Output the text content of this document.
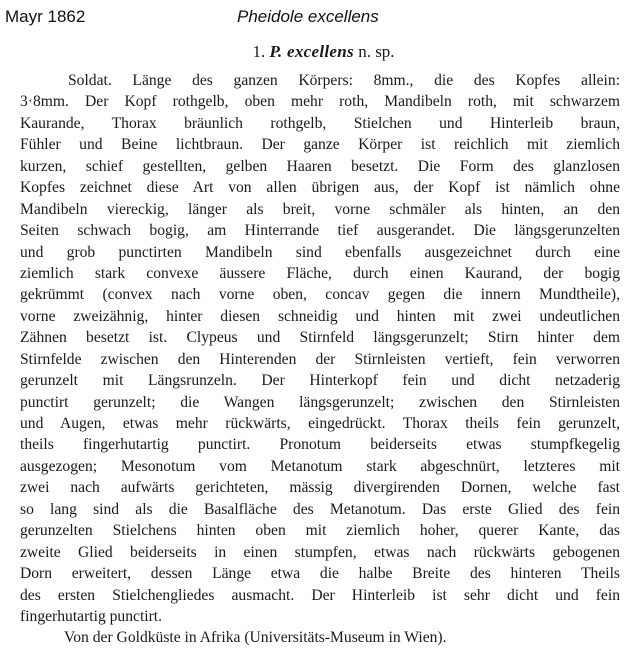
Mayr 1862	Pheidole excellens
1. P. excellens n. sp.
Soldat. Länge des ganzen Körpers: 8mm., die des Kopfes allein:
3·8mm. Der Kopf rothgelb, oben mehr roth, Mandibeln roth, mit schwarzem
Kaurande, Thorax bräunlich rothgelb, Stielchen und Hinterleib braun,
Fühler und Beine lichtbraun. Der ganze Körper ist reichlich mit ziemlich
kurzen, schief gestellten, gelben Haaren besetzt. Die Form des glanzlosen
Kopfes zeichnet diese Art von allen übrigen aus, der Kopf ist nämlich ohne
Mandibeln viereckig, länger als breit, vorne schmäler als hinten, an den
Seiten schwach bogig, am Hinterrande tief ausgerandet. Die längsgerunzelten
und grob punctirten Mandibeln sind ebenfalls ausgezeichnet durch eine
ziemlich stark convexe äussere Fläche, durch einen Kaurand, der bogig
gekrümmt (convex nach vorne oben, concav gegen die innern Mundtheile),
vorne zweizähnig, hinter diesen schneidig und hinten mit zwei undeutlichen
Zähnen besetzt ist. Clypeus und Stirnfeld längsgerunzelt; Stirn hinter dem
Stirnfelde zwischen den Hinterenden der Stirnleisten vertieft, fein verworren
gerunzelt mit Längsrunzeln. Der Hinterkopf fein und dicht netzaderig
punctirt gerunzelt; die Wangen längsgerunzelt; zwischen den Stirnleisten
und Augen, etwas mehr rückwärts, eingedrückt. Thorax theils fein gerunzelt,
theils fingerhutartig punctirt. Pronotum beiderseits etwas stumpfkegelig
ausgezogen; Mesonotum vom Metanotum stark abgeschnürt, letzteres mit
zwei nach aufwärts gerichteten, mässig divergirenden Dornen, welche fast
so lang sind als die Basalfläche des Metanotum. Das erste Glied des fein
gerunzelten Stielchens hinten oben mit ziemlich hoher, querer Kante, das
zweite Glied beiderseits in einen stumpfen, etwas nach rückwärts gebogenen
Dorn erweitert, dessen Länge etwa die halbe Breite des hinteren Theils
des ersten Stielchengliedes ausmacht. Der Hinterleib ist sehr dicht und fein
fingerhutartig punctirt.
Von der Goldküste in Afrika (Universitäts-Museum in Wien).
